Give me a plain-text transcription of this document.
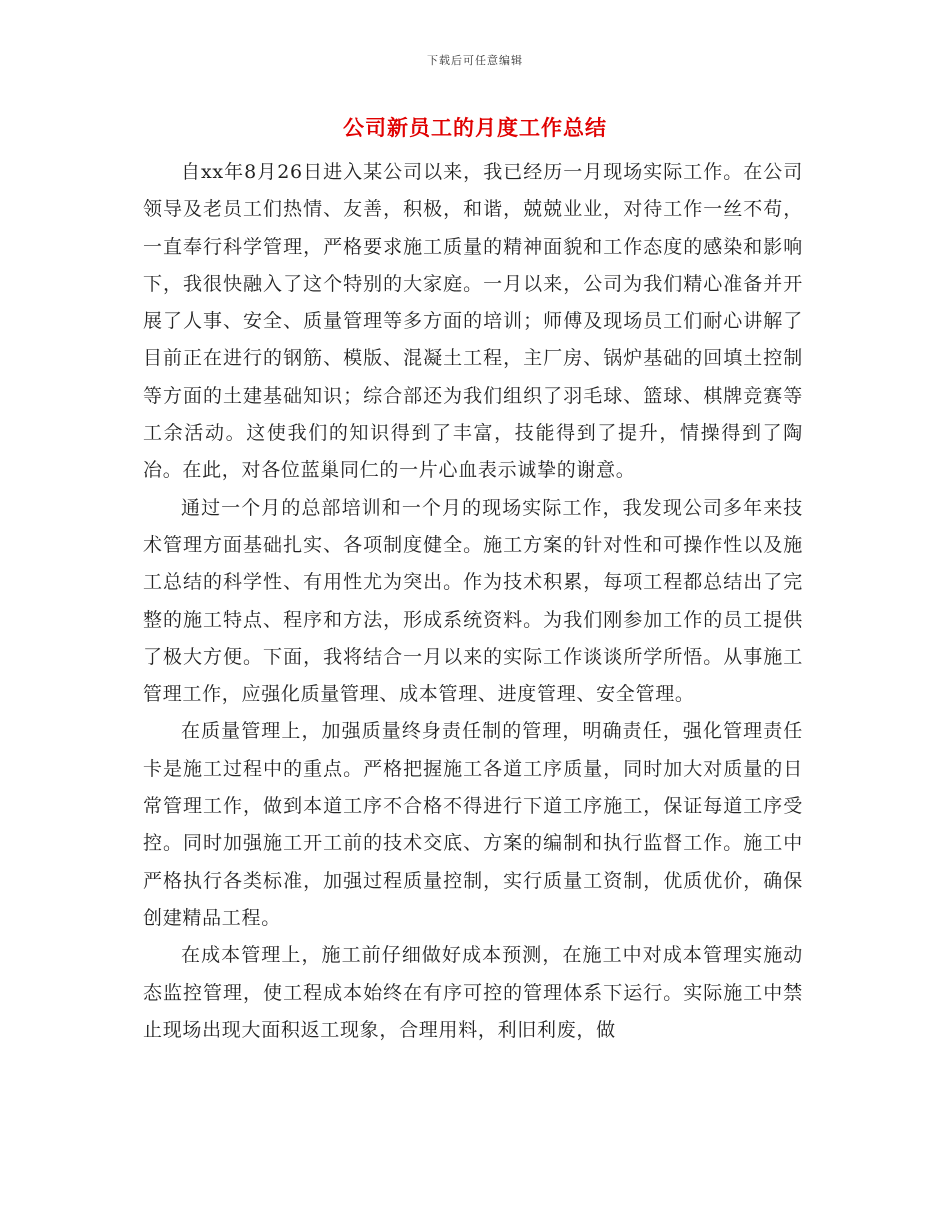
下载后可任意编辑
公司新员工的月度工作总结

自xx年8月26日进入某公司以来，我已经历一月现场实际工作。在公司领导及老员工们热情、友善，积极，和谐，兢兢业业，对待工作一丝不苟，一直奉行科学管理，严格要求施工质量的精神面貌和工作态度的感染和影响下，我很快融入了这个特别的大家庭。一月以来，公司为我们精心准备并开展了人事、安全、质量管理等多方面的培训；师傅及现场员工们耐心讲解了目前正在进行的钢筋、模版、混凝土工程，主厂房、锅炉基础的回填土控制等方面的土建基础知识；综合部还为我们组织了羽毛球、篮球、棋牌竞赛等工余活动。这使我们的知识得到了丰富，技能得到了提升，情操得到了陶冶。在此，对各位蓝巢同仁的一片心血表示诚挚的谢意。

通过一个月的总部培训和一个月的现场实际工作，我发现公司多年来技术管理方面基础扎实、各项制度健全。施工方案的针对性和可操作性以及施工总结的科学性、有用性尤为突出。作为技术积累，每项工程都总结出了完整的施工特点、程序和方法，形成系统资料。为我们刚参加工作的员工提供了极大方便。下面，我将结合一月以来的实际工作谈谈所学所悟。从事施工管理工作，应强化质量管理、成本管理、进度管理、安全管理。

在质量管理上，加强质量终身责任制的管理，明确责任，强化管理责任卡是施工过程中的重点。严格把握施工各道工序质量，同时加大对质量的日常管理工作，做到本道工序不合格不得进行下道工序施工，保证每道工序受控。同时加强施工开工前的技术交底、方案的编制和执行监督工作。施工中严格执行各类标准，加强过程质量控制，实行质量工资制，优质优价，确保创建精品工程。

在成本管理上，施工前仔细做好成本预测，在施工中对成本管理实施动态监控管理，使工程成本始终在有序可控的管理体系下运行。实际施工中禁止现场出现大面积返工现象，合理用料，利旧利废，做
